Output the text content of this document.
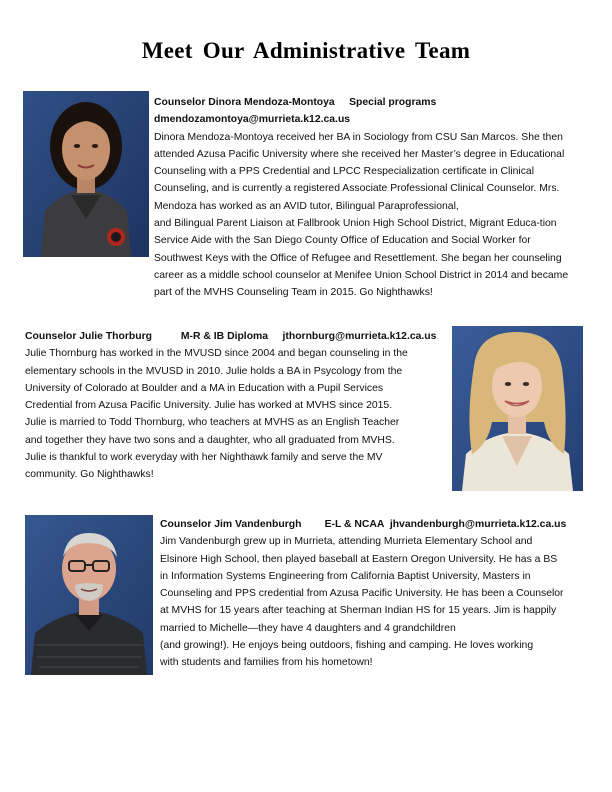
Meet Our Administrative Team

Counselor Dinora Mendoza-Montoya Special programs

dmendozamontoya@murrieta.k12.ca.us

Dinora Mendoza-Montoya received her BA in Sociology from CSU San Marcos. She then
attended Azusa Pacific University where she received her Master’s degree in Educational
Counseling with a PPS Credential and LPCC Respecialization certificate in Clinical
Counseling, and is currently a registered Associate Professional Clinical Counselor. Mrs.
Mendoza has worked as an AVID tutor, Bilingual Paraprofessional,
and Bilingual Parent Liaison at Fallbrook Union High School District, Migrant Educa-tion
Service Aide with the San Diego County Office of Education and Social Worker for
Southwest Keys with the Office of Refugee and Resettlement. She began her counseling
career as a middle school counselor at Menifee Union School District in 2014 and became
part of the MVHS Counseling Team in 2015. Go Nighthawks!

Counselor Julie Thorburg	M-R & IB Diploma jthornburg@murrieta.k12.ca.us

Julie Thornburg has worked in the MVUSD since 2004 and began counseling in the
elementary schools in the MVUSD in 2010. Julie holds a BA in Psycology from the
University of Colorado at Boulder and a MA in Education with a Pupil Services
Credential from Azusa Pacific University. Julie has worked at MVHS since 2015.
Julie is married to Todd Thornburg, who teachers at MVHS as an English Teacher
and together they have two sons and a daughter, who all graduated from MVHS.
Julie is thankful to work everyday with her Nighthawk family and serve the MV
community. Go Nighthawks!

Counselor Jim Vandenburgh E-L & NCAA jhvandenburgh@murrieta.k12.ca.us

Jim Vandenburgh grew up in Murrieta, attending Murrieta Elementary School and
Elsinore High School, then played baseball at Eastern Oregon University. He has a BS
in Information Systems Engineering from California Baptist University, Masters in
Counseling and PPS credential from Azusa Pacific University. He has been a Counselor
at MVHS for 15 years after teaching at Sherman Indian HS for 15 years. Jim is happily
married to Michelle—they have 4 daughters and 4 grandchildren
(and growing!). He enjoys being outdoors, fishing and camping. He loves working
with students and families from his hometown!
